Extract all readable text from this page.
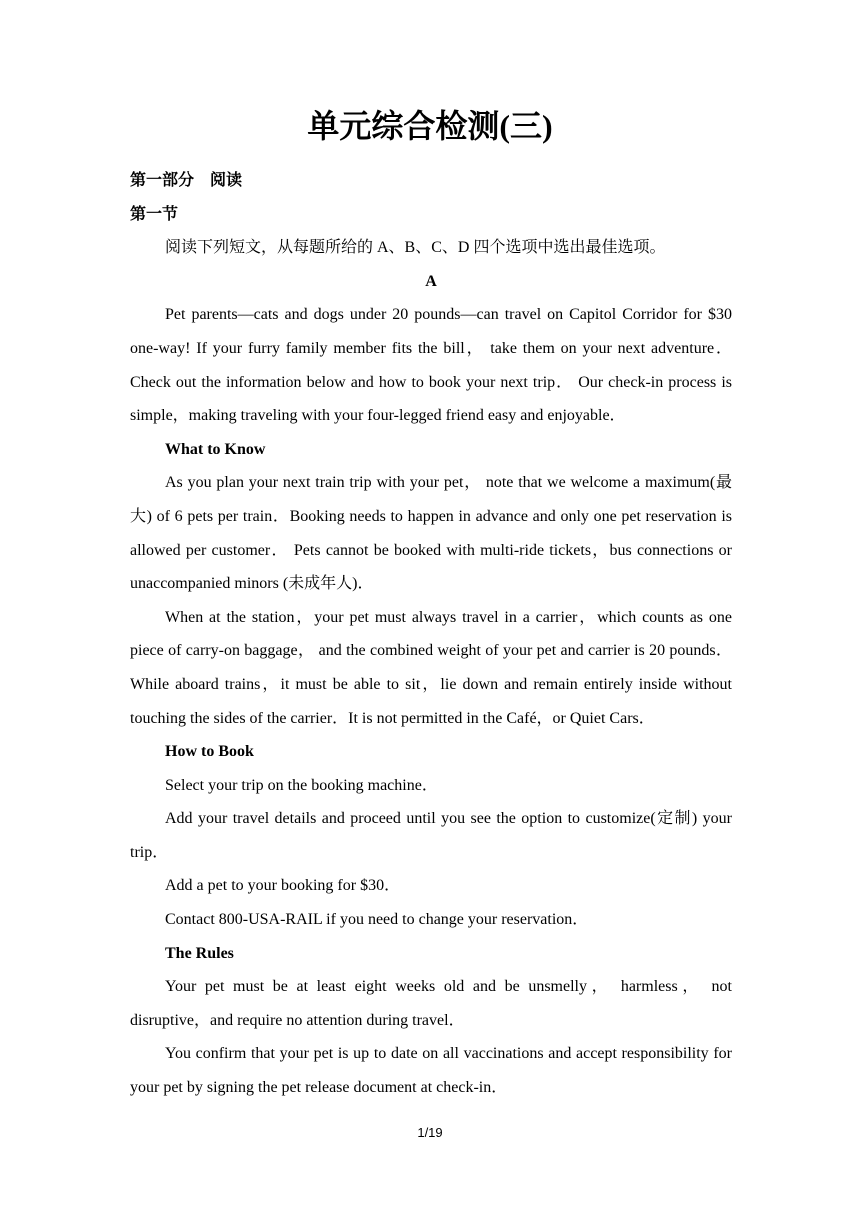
单元综合检测(三)

第一部分　阅读

第一节

阅读下列短文，从每题所给的 A、B、C、D 四个选项中选出最佳选项。

A

Pet parents—cats and dogs under 20 pounds—can travel on Capitol Corridor for $30 one-way! If your furry family member fits the bill， take them on your next adventure． Check out the information below and how to book your next trip． Our check-in process is simple，making traveling with your four-legged friend easy and enjoyable．

What to Know

As you plan your next train trip with your pet， note that we welcome a maximum(最大) of 6 pets per train．Booking needs to happen in advance and only one pet reservation is allowed per customer． Pets cannot be booked with multi-ride tickets，bus connections or unaccompanied minors (未成年人)．

When at the station，your pet must always travel in a carrier，which counts as one piece of carry-on baggage， and the combined weight of your pet and carrier is 20 pounds．While aboard trains，it must be able to sit，lie down and remain entirely inside without touching the sides of the carrier．It is not permitted in the Café，or Quiet Cars．

How to Book

Select your trip on the booking machine．

Add your travel details and proceed until you see the option to customize(定制) your trip．

Add a pet to your booking for $30．

Contact 800-USA-RAIL if you need to change your reservation．

The Rules

Your pet must be at least eight weeks old and be unsmelly， harmless， not disruptive，and require no attention during travel．

You confirm that your pet is up to date on all vaccinations and accept responsibility for your pet by signing the pet release document at check-in．

1/19
